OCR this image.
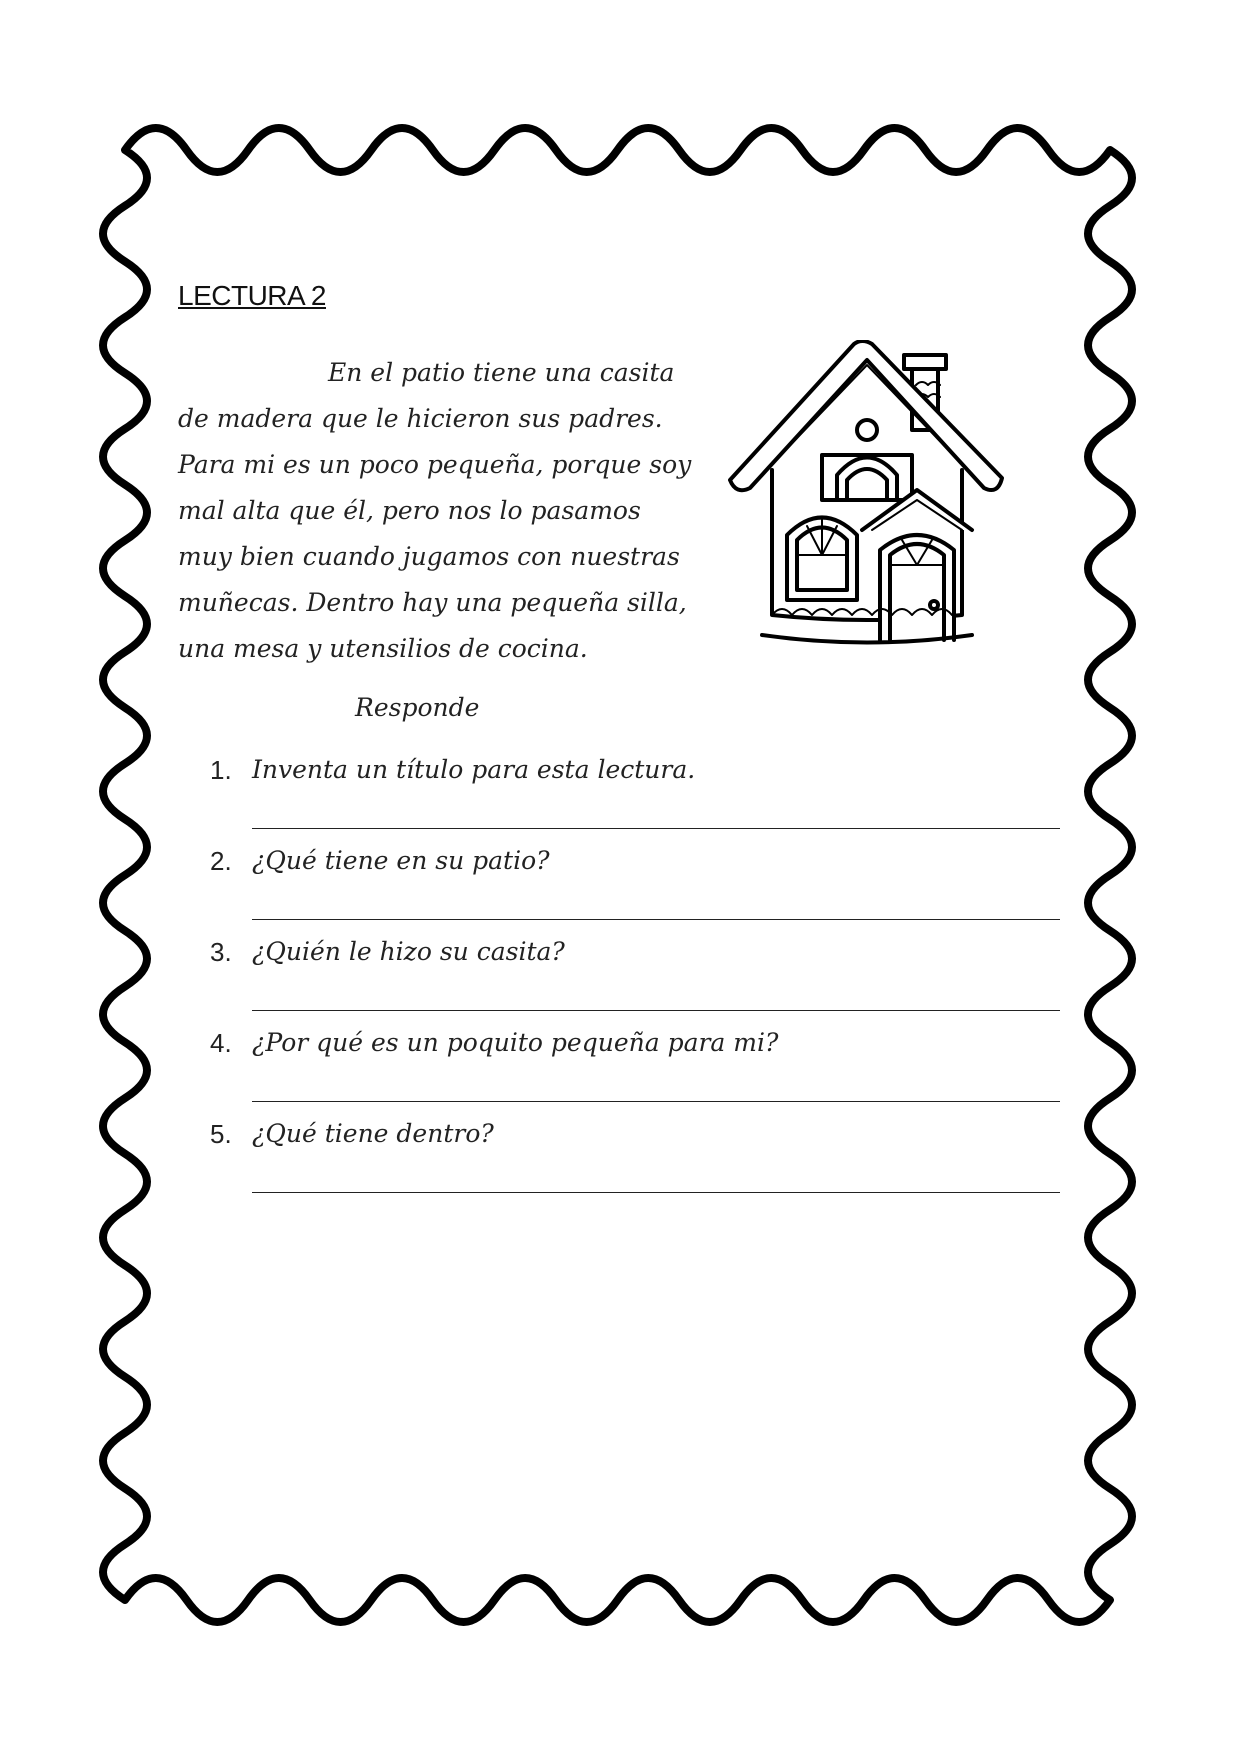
LECTURA 2
En el patio tiene una casita
de madera que le hicieron sus padres.
Para mi es un poco pequeña, porque soy
mal alta que él, pero nos lo pasamos
muy bien cuando jugamos con nuestras
muñecas. Dentro hay una pequeña silla,
una mesa y utensilios de cocina.
Responde
1. Inventa un título para esta lectura.
2. ¿Qué tiene en su patio?
3. ¿Quién le hizo su casita?
4. ¿Por qué es un poquito pequeña para mi?
5. ¿Qué tiene dentro?
